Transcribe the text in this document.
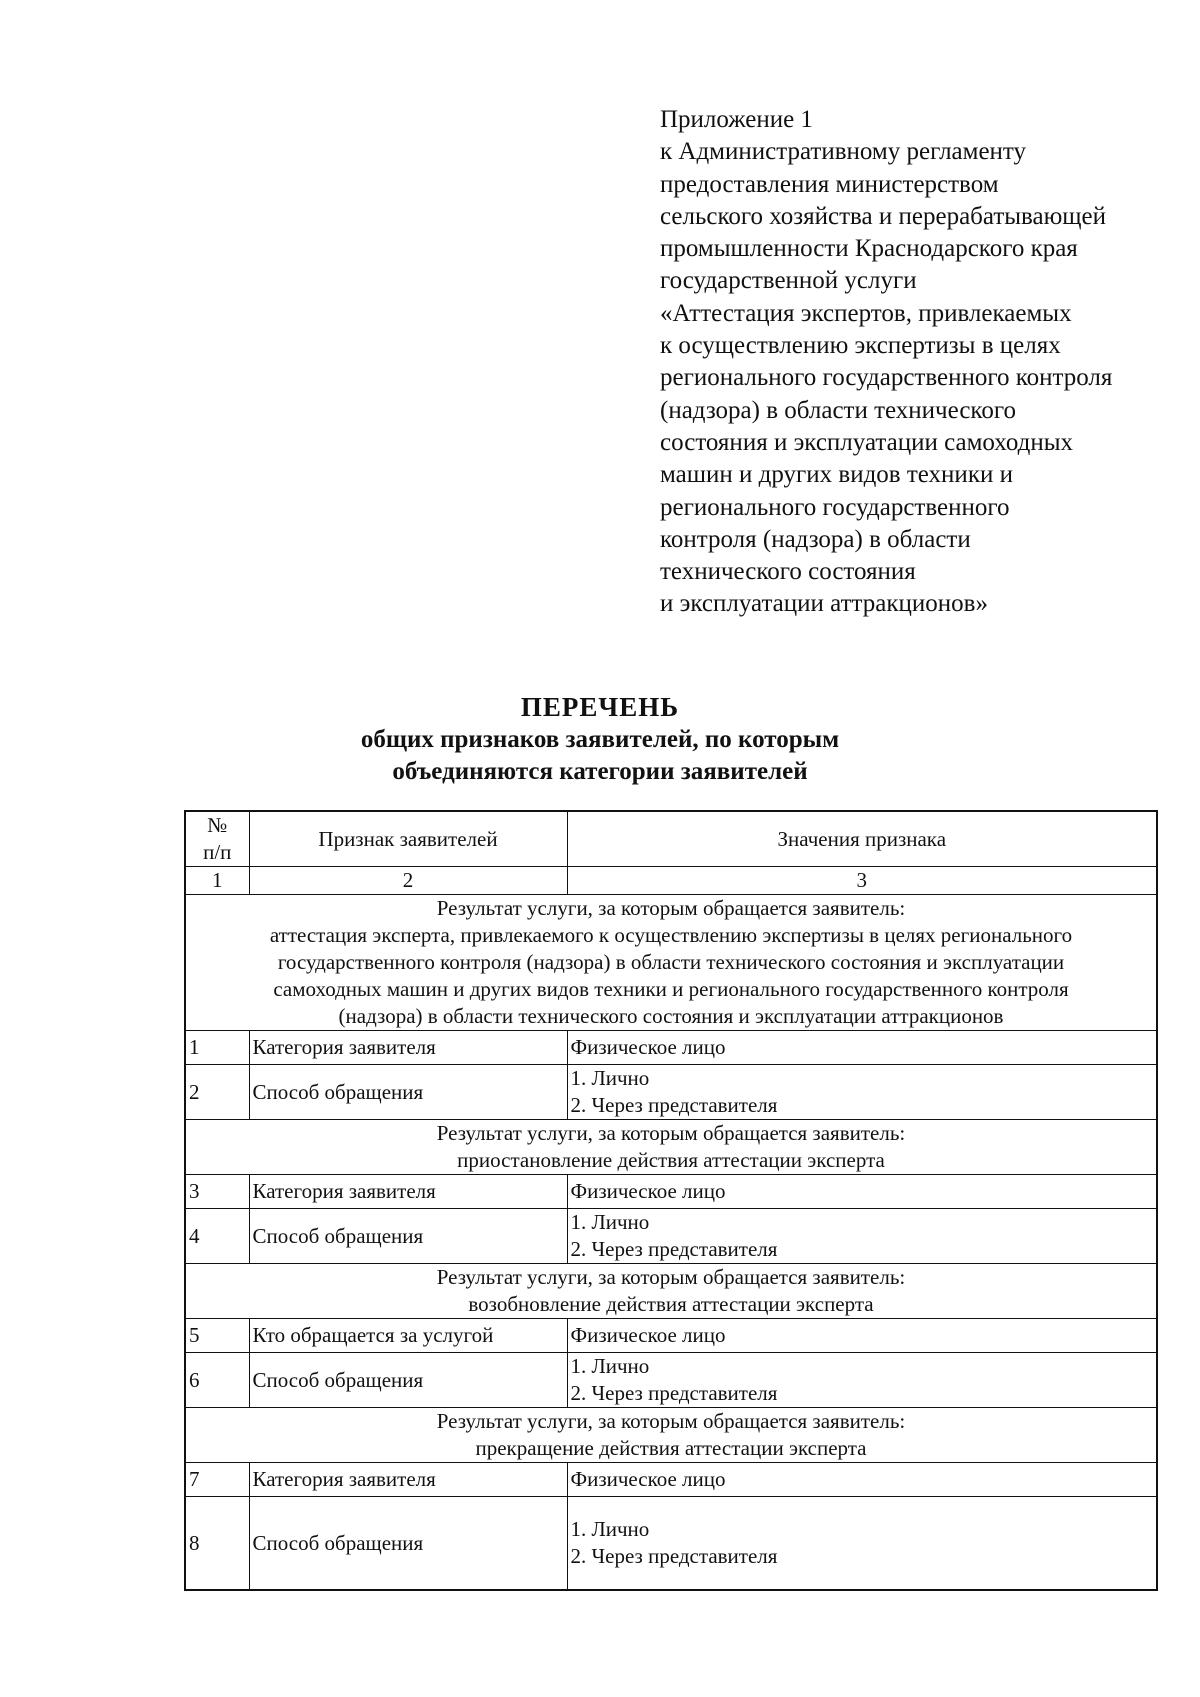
Приложение 1
к Административному регламенту
предоставления министерством
сельского хозяйства и перерабатывающей
промышленности Краснодарского края
государственной услуги
«Аттестация экспертов, привлекаемых
к осуществлению экспертизы в целях
регионального государственного контроля
(надзора) в области технического
состояния и эксплуатации самоходных
машин и других видов техники и
регионального государственного
контроля (надзора) в области
технического состояния
и эксплуатации аттракционов»
ПЕРЕЧЕНЬ
общих признаков заявителей, по которым
объединяются категории заявителей
№
п/п	Признак заявителей	Значения признака
1	2	3

Результат услуги, за которым обращается заявитель:
аттестация эксперта, привлекаемого к осуществлению экспертизы в целях регионального
государственного контроля (надзора) в области технического состояния и эксплуатации
самоходных машин и других видов техники и регионального государственного контроля
(надзора) в области технического состояния и эксплуатации аттракционов		

1	Категория заявителя	Физическое лицо

2	Способ обращения	1. Лично
2. Через представителя

Результат услуги, за которым обращается заявитель:
приостановление действия аттестации эксперта		

3	Категория заявителя	Физическое лицо

4	Способ обращения	1. Лично
2. Через представителя

Результат услуги, за которым обращается заявитель:
возобновление действия аттестации эксперта		

5	Кто обращается за услугой	Физическое лицо

6	Способ обращения	1. Лично
2. Через представителя

Результат услуги, за которым обращается заявитель:
прекращение действия аттестации эксперта		

7	Категория заявителя	Физическое лицо

8	Способ обращения	1. Лично
2. Через представителя
